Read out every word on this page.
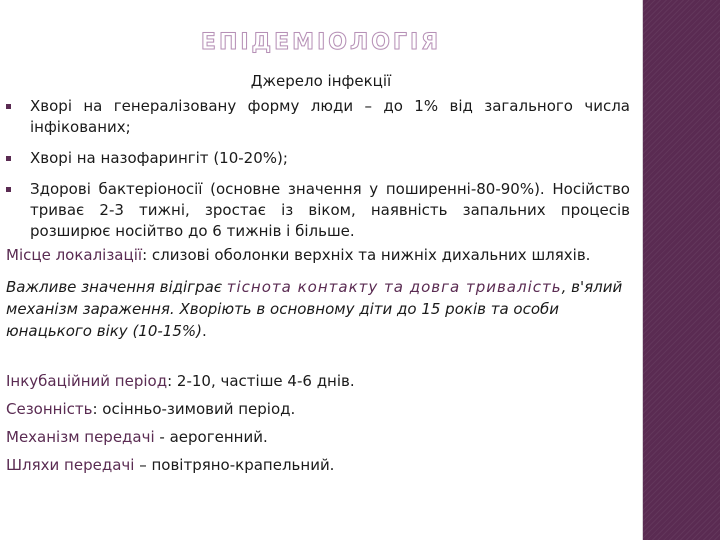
ЕПІДЕМІОЛОГІЯ
Джерело інфекції
Хворі на генералізовану форму люди – до 1% від загального числа інфікованих;
Хворі на назофарингіт (10-20%);
Здорові бактеріоносії (основне значення у поширенні-80-90%). Носійство триває 2-3 тижні, зростає із віком, наявність запальних процесів розширює носійтво до 6 тижнів і більше.

Місце локалізації: слизові оболонки верхніх та нижніх дихальних шляхів.

Важливе значення відіграє тіснота контакту та довга тривалість, в'ялий механізм зараження. Хворіють в основному діти до 15 років та особи юнацького віку (10-15%).

Інкубаційний період: 2-10, частіше 4-6 днів.

Сезонність: осінньо-зимовий період.

Механізм передачі - аерогенний.

Шляхи передачі – повітряно-крапельний.
